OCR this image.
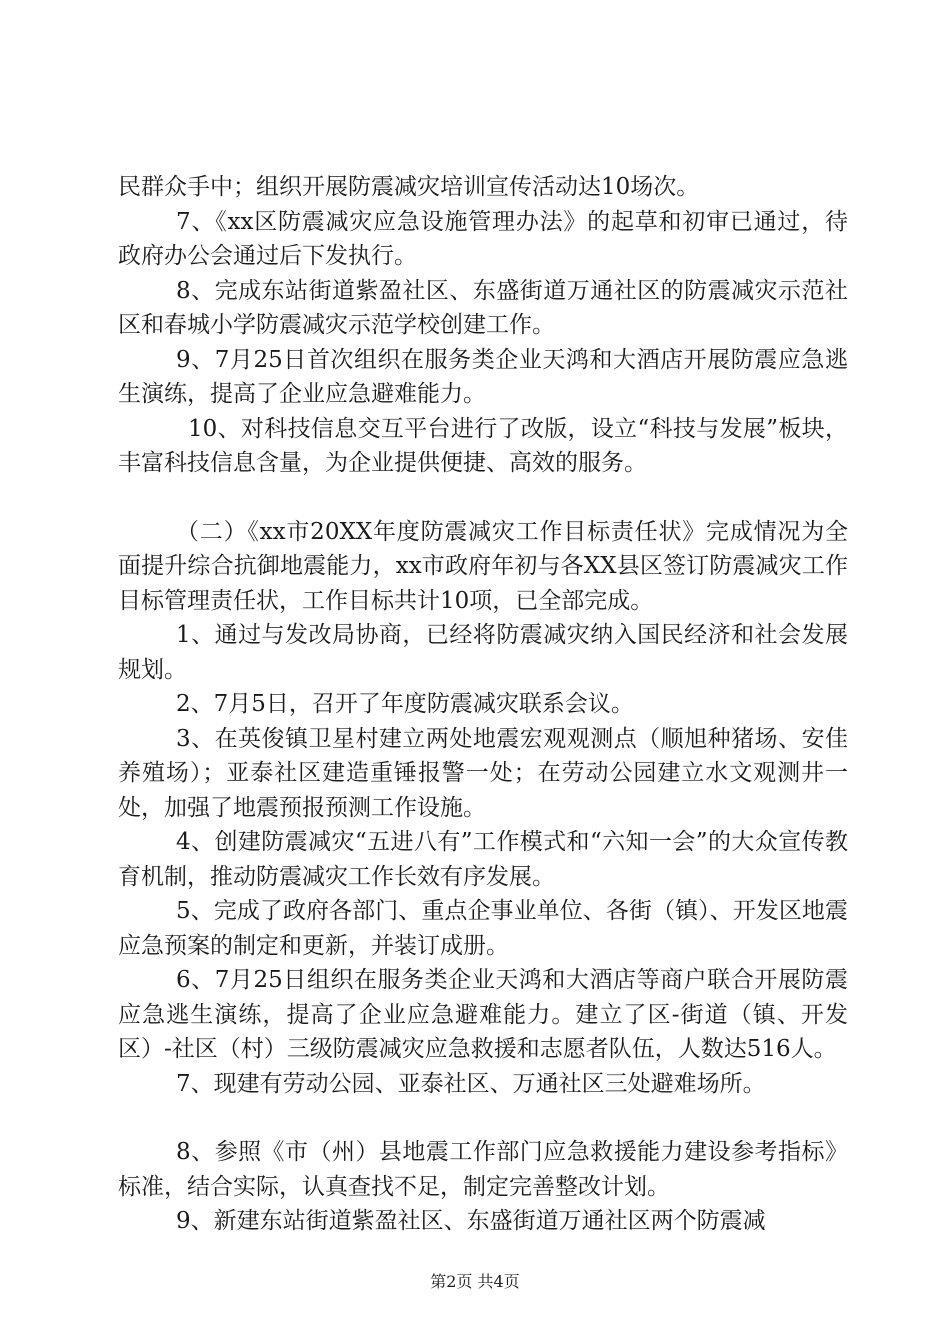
民群众手中；组织开展防震减灾培训宣传活动达10场次。

7、《xx区防震减灾应急设施管理办法》的起草和初审已通过，待政府办公会通过后下发执行。

8、完成东站街道紫盈社区、东盛街道万通社区的防震减灾示范社区和春城小学防震减灾示范学校创建工作。

9、7月25日首次组织在服务类企业天鸿和大酒店开展防震应急逃生演练，提高了企业应急避难能力。

10、对科技信息交互平台进行了改版，设立“科技与发展”板块，丰富科技信息含量，为企业提供便捷、高效的服务。

（二）《xx市20XX年度防震减灾工作目标责任状》完成情况为全面提升综合抗御地震能力，xx市政府年初与各XX县区签订防震减灾工作目标管理责任状，工作目标共计10项，已全部完成。

1、通过与发改局协商，已经将防震减灾纳入国民经济和社会发展规划。

2、7月5日，召开了年度防震减灾联系会议。

3、在英俊镇卫星村建立两处地震宏观观测点（顺旭种猪场、安佳养殖场）；亚泰社区建造重锤报警一处；在劳动公园建立水文观测井一处，加强了地震预报预测工作设施。

4、创建防震减灾“五进八有”工作模式和“六知一会”的大众宣传教育机制，推动防震减灾工作长效有序发展。

5、完成了政府各部门、重点企事业单位、各街（镇）、开发区地震应急预案的制定和更新，并装订成册。

6、7月25日组织在服务类企业天鸿和大酒店等商户联合开展防震应急逃生演练，提高了企业应急避难能力。建立了区-街道（镇、开发区）-社区（村）三级防震减灾应急救援和志愿者队伍，人数达516人。

7、现建有劳动公园、亚泰社区、万通社区三处避难场所。

8、参照《市（州）县地震工作部门应急救援能力建设参考指标》标准，结合实际，认真查找不足，制定完善整改计划。

9、新建东站街道紫盈社区、东盛街道万通社区两个防震减

第2页 共4页
